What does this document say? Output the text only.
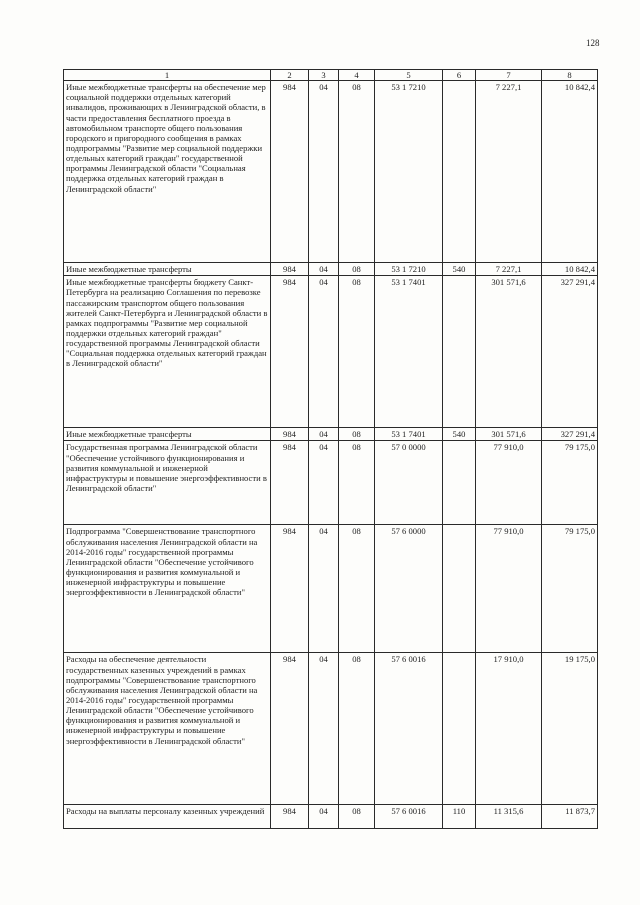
128
1	2	3	4	5	6	7	8
Иные межбюджетные трансферты на обеспечение мер социальной поддержки отдельных категорий инвалидов, проживающих в Ленинградской области, в части предоставления бесплатного проезда в автомобильном транспорте общего пользования городского и пригородного сообщения в рамках подпрограммы "Развитие мер социальной поддержки отдельных категорий граждан" государственной программы Ленинградской области "Социальная поддержка отдельных категорий граждан в Ленинградской области"	984	04	08	53 1 7210		7 227,1	10 842,4
Иные межбюджетные трансферты	984	04	08	53 1 7210	540	7 227,1	10 842,4
Иные межбюджетные трансферты бюджету Санкт-Петербурга на реализацию Соглашения по перевозке пассажирским транспортом общего пользования жителей Санкт-Петербурга и Ленинградской области в рамках подпрограммы "Развитие мер социальной поддержки отдельных категорий граждан" государственной программы Ленинградской области "Социальная поддержка отдельных категорий граждан в Ленинградской области"	984	04	08	53 1 7401		301 571,6	327 291,4
Иные межбюджетные трансферты	984	04	08	53 1 7401	540	301 571,6	327 291,4
Государственная программа Ленинградской области "Обеспечение устойчивого функционирования и развития коммунальной и инженерной инфраструктуры и повышение энергоэффективности в Ленинградской области"	984	04	08	57 0 0000		77 910,0	79 175,0
Подпрограмма "Совершенствование транспортного обслуживания населения Ленинградской области на 2014-2016 годы" государственной программы Ленинградской области "Обеспечение устойчивого функционирования и развития коммунальной и инженерной инфраструктуры и повышение энергоэффективности в Ленинградской области"	984	04	08	57 6 0000		77 910,0	79 175,0
Расходы на обеспечение деятельности государственных казенных учреждений в рамках подпрограммы "Совершенствование транспортного обслуживания населения Ленинградской области на 2014-2016 годы" государственной программы Ленинградской области "Обеспечение устойчивого функционирования и развития коммунальной и инженерной инфраструктуры и повышение энергоэффективности в Ленинградской области"	984	04	08	57 6 0016		17 910,0	19 175,0
Расходы на выплаты персоналу казенных учреждений	984	04	08	57 6 0016	110	11 315,6	11 873,7
